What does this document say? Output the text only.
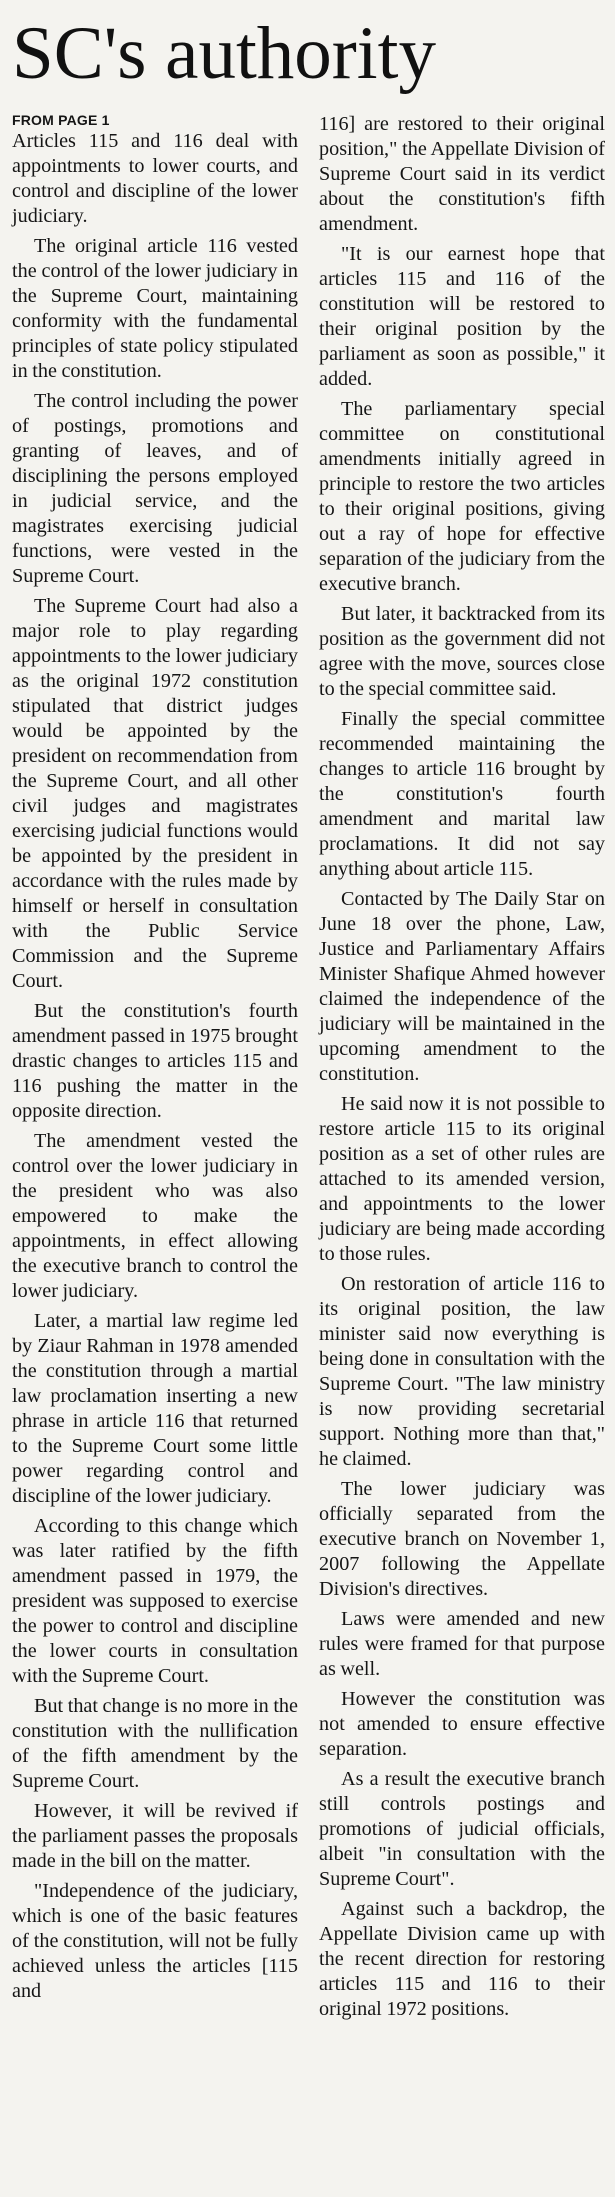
SC's authority
FROM PAGE 1

Articles 115 and 116 deal with appointments to lower courts, and control and discipline of the lower judiciary.

The original article 116 vested the control of the lower judiciary in the Supreme Court, maintaining conformity with the fundamental principles of state policy stipulated in the constitution.

The control including the power of postings, promotions and granting of leaves, and of disciplining the persons employed in judicial service, and the magistrates exercising judicial functions, were vested in the Supreme Court.

The Supreme Court had also a major role to play regarding appointments to the lower judiciary as the original 1972 constitution stipulated that district judges would be appointed by the president on recommendation from the Supreme Court, and all other civil judges and magistrates exercising judicial functions would be appointed by the president in accordance with the rules made by himself or herself in consultation with the Public Service Commission and the Supreme Court.

But the constitution's fourth amendment passed in 1975 brought drastic changes to articles 115 and 116 pushing the matter in the opposite direction.

The amendment vested the control over the lower judiciary in the president who was also empowered to make the appointments, in effect allowing the executive branch to control the lower judiciary.

Later, a martial law regime led by Ziaur Rahman in 1978 amended the constitution through a martial law proclamation inserting a new phrase in article 116 that returned to the Supreme Court some little power regarding control and discipline of the lower judiciary.

According to this change which was later ratified by the fifth amendment passed in 1979, the president was supposed to exercise the power to control and discipline the lower courts in consultation with the Supreme Court.

But that change is no more in the constitution with the nullification of the fifth amendment by the Supreme Court.

However, it will be revived if the parliament passes the proposals made in the bill on the matter.

"Independence of the judiciary, which is one of the basic features of the constitution, will not be fully achieved unless the articles [115 and

116] are restored to their original position," the Appellate Division of Supreme Court said in its verdict about the constitution's fifth amendment.

"It is our earnest hope that articles 115 and 116 of the constitution will be restored to their original position by the parliament as soon as possible," it added.

The parliamentary special committee on constitutional amendments initially agreed in principle to restore the two articles to their original positions, giving out a ray of hope for effective separation of the judiciary from the executive branch.

But later, it backtracked from its position as the government did not agree with the move, sources close to the special committee said.

Finally the special committee recommended maintaining the changes to article 116 brought by the constitution's fourth amendment and marital law proclamations. It did not say anything about article 115.

Contacted by The Daily Star on June 18 over the phone, Law, Justice and Parliamentary Affairs Minister Shafique Ahmed however claimed the independence of the judiciary will be maintained in the upcoming amendment to the constitution.

He said now it is not possible to restore article 115 to its original position as a set of other rules are attached to its amended version, and appointments to the lower judiciary are being made according to those rules.

On restoration of article 116 to its original position, the law minister said now everything is being done in consultation with the Supreme Court. "The law ministry is now providing secretarial support. Nothing more than that," he claimed.

The lower judiciary was officially separated from the executive branch on November 1, 2007 following the Appellate Division's directives.

Laws were amended and new rules were framed for that purpose as well.

However the constitution was not amended to ensure effective separation.

As a result the executive branch still controls postings and promotions of judicial officials, albeit "in consultation with the Supreme Court".

Against such a backdrop, the Appellate Division came up with the recent direction for restoring articles 115 and 116 to their original 1972 positions.
